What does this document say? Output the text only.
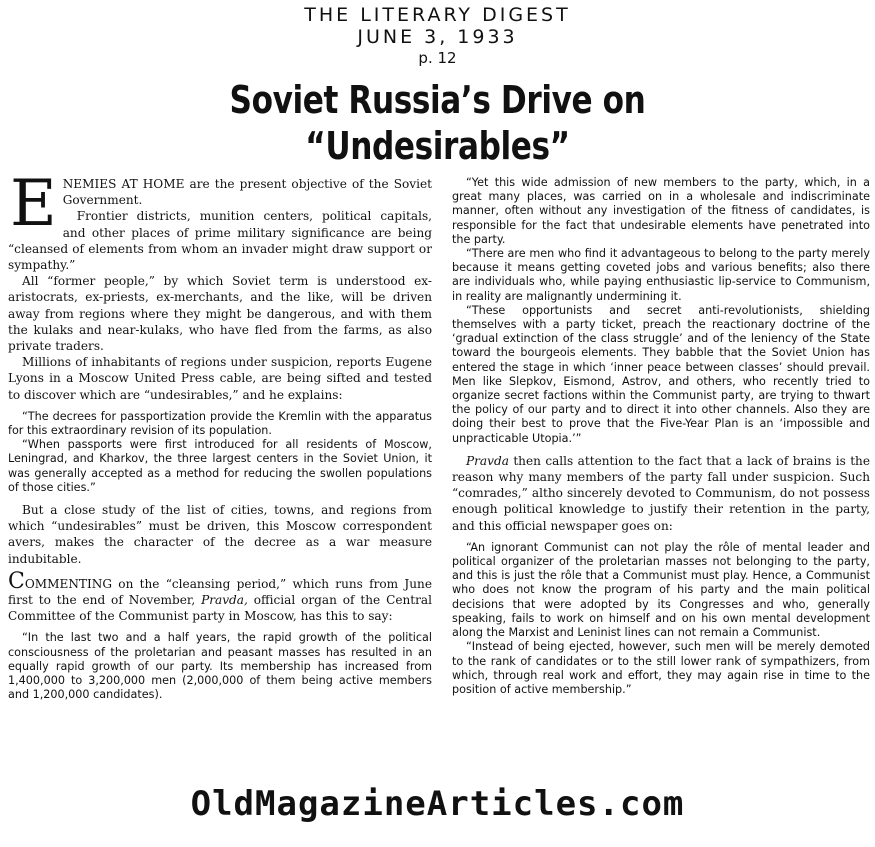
THE LITERARY DIGEST
JUNE 3, 1933
p. 12
Soviet Russia’s Drive on
“Undesirables”

ENEMIES AT HOME are the present objective of the Soviet Government.

Frontier districts, munition centers, political capitals, and other places of prime military significance are being “cleansed of elements from whom an invader might draw support or sympathy.”

All “former people,” by which Soviet term is understood ex-aristocrats, ex-priests, ex-merchants, and the like, will be driven away from regions where they might be dangerous, and with them the kulaks and near-kulaks, who have fled from the farms, as also private traders.

Millions of inhabitants of regions under suspicion, reports Eugene Lyons in a Moscow United Press cable, are being sifted and tested to discover which are “undesirables,” and he explains:

“The decrees for passportization provide the Kremlin with the apparatus for this extraordinary revision of its population.

“When passports were first introduced for all residents of Moscow, Leningrad, and Kharkov, the three largest centers in the Soviet Union, it was generally accepted as a method for reducing the swollen populations of those cities.”

But a close study of the list of cities, towns, and regions from which “undesirables” must be driven, this Moscow correspondent avers, makes the character of the decree as a war measure indubitable.

COMMENTING on the “cleansing period,” which runs from June first to the end of November, Pravda, official organ of the Central Committee of the Communist party in Moscow, has this to say:

“In the last two and a half years, the rapid growth of the political consciousness of the proletarian and peasant masses has resulted in an equally rapid growth of our party. Its membership has increased from 1,400,000 to 3,200,000 men (2,000,000 of them being active members and 1,200,000 candidates).

“Yet this wide admission of new members to the party, which, in a great many places, was carried on in a wholesale and indiscriminate manner, often without any investigation of the fitness of candidates, is responsible for the fact that undesirable elements have penetrated into the party.

“There are men who find it advantageous to belong to the party merely because it means getting coveted jobs and various benefits; also there are individuals who, while paying enthusiastic lip-service to Communism, in reality are malignantly undermining it.

“These opportunists and secret anti-revolutionists, shielding themselves with a party ticket, preach the reactionary doctrine of the ‘gradual extinction of the class struggle’ and of the leniency of the State toward the bourgeois elements. They babble that the Soviet Union has entered the stage in which ‘inner peace between classes’ should prevail. Men like Slepkov, Eismond, Astrov, and others, who recently tried to organize secret factions within the Communist party, are trying to thwart the policy of our party and to direct it into other channels. Also they are doing their best to prove that the Five-Year Plan is an ‘impossible and unpracticable Utopia.’”

Pravda then calls attention to the fact that a lack of brains is the reason why many members of the party fall under suspicion. Such “comrades,” altho sincerely devoted to Communism, do not possess enough political knowledge to justify their retention in the party, and this official newspaper goes on:

“An ignorant Communist can not play the rôle of mental leader and political organizer of the proletarian masses not belonging to the party, and this is just the rôle that a Communist must play. Hence, a Communist who does not know the program of his party and the main political decisions that were adopted by its Congresses and who, generally speaking, fails to work on himself and on his own mental development along the Marxist and Leninist lines can not remain a Communist.

“Instead of being ejected, however, such men will be merely demoted to the rank of candidates or to the still lower rank of sympathizers, from which, through real work and effort, they may again rise in time to the position of active membership.”

OldMagazineArticles.com
